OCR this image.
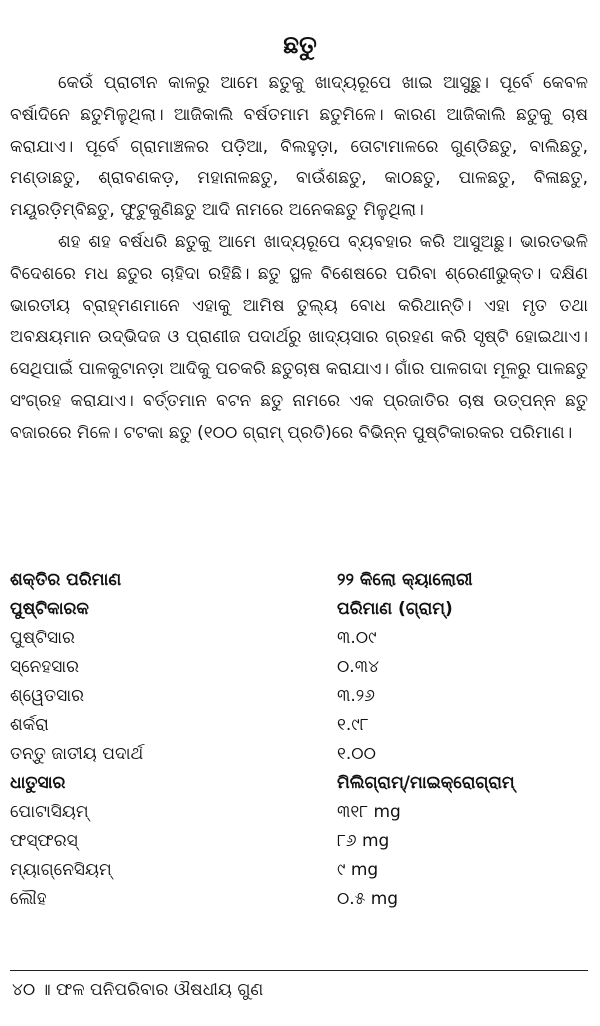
ଛତୁ

କେଉଁ ପ୍ରାଚୀନ କାଳରୁ ଆମେ ଛତୁକୁ ଖାଦ୍ୟରୂପେ ଖାଇ ଆସୁଛୁ। ପୂର୍ବେ କେବଳ ବର୍ଷାଦିନେ ଛତୁମିଳୁଥିଲା। ଆଜିକାଲି ବର୍ଷତମାମ ଛତୁମିଳେ। କାରଣ ଆଜିକାଲି ଛତୁକୁ ଚାଷ କରାଯାଏ। ପୂର୍ବେ ଗ୍ରାମାଞ୍ଚଳର ପଡ଼ିଆ, ବିଲହୁଡ଼ା, ତୋଟାମାଳରେ ଗୁଣ୍ଡିଛତୁ, ବାଲିଛତୁ, ମଣ୍ଡାଛତୁ, ଶ୍ରାବଣକଡ଼, ମହାନାଳଛତୁ, ବାଉଁଶଛତୁ, କାଠଛତୁ, ପାଳଛତୁ, ବିଳାଛତୁ, ମୟୂରଡ଼ିମ୍ବିଛତୁ, ଫୁଟୁକୁଣିଛତୁ ଆଦି ନାମରେ ଅନେକଛତୁ ମିଳୁଥିଲା।

ଶହ ଶହ ବର୍ଷଧରି ଛତୁକୁ ଆମେ ଖାଦ୍ୟରୂପେ ବ୍ୟବହାର କରି ଆସୁଅଛୁ। ଭାରତଭଳି ବିଦେଶରେ ମଧ ଛତୁର ଚାହିଦା ରହିଛି। ଛତୁ ସ୍ଥଳ ବିଶେଷରେ ପରିବା ଶ୍ରେଣୀଭୁକ୍ତ। ଦକ୍ଷିଣ ଭାରତୀୟ ବ୍ରାହ୍ମଣମାନେ ଏହାକୁ ଆମିଷ ତୁଲ୍ୟ ବୋଧ କରିଥାନ୍ତି। ଏହା ମୃତ ତଥା ଅବକ୍ଷୟମାନ ଉଦ୍ଭିଦଜ ଓ ପ୍ରାଣୀଜ ପଦାର୍ଥରୁ ଖାଦ୍ୟସାର ଗ୍ରହଣ କରି ସୃଷ୍ଟି ହୋଇଥାଏ। ସେଥିପାଇଁ ପାଳକୁଟାନଡ଼ା ଆଦିକୁ ପଚକରି ଛତୁଚାଷ କରାଯାଏ। ଗାଁର ପାଳଗଦା ମୂଳରୁ ପାଳଛତୁ ସଂଗ୍ରହ କରାଯାଏ। ବର୍ତ୍ତମାନ ବଟନ ଛତୁ ନାମରେ ଏକ ପ୍ରଜାତିର ଚାଷ ଉତ୍ପନ୍ନ ଛତୁ ବଜାରରେ ମିଳେ। ଟଟକା ଛତୁ (୧୦୦ ଗ୍ରାମ୍ ପ୍ରତି)ରେ ବିଭିନ୍ନ ପୁଷ୍ଟିକାରକର ପରିମାଣ।

ଶକ୍ତିର ପରିମାଣ	୨୨ କିଲୋ କ୍ୟାଲୋରୀ
ପୁଷ୍ଟିକାରକ	ପରିମାଣ (ଗ୍ରାମ୍)
ପୁଷ୍ଟିସାର	୩.୦୯
ସ୍ନେହସାର	୦.୩୪
ଶ୍ୱେତସାର	୩.୨୬
ଶର୍କରା	୧.୯୮
ତନ୍ତୁ ଜାତୀୟ ପଦାର୍ଥ	୧.୦୦
ଧାତୁସାର	ମିଲିଗ୍ରାମ୍/ମାଇକ୍ରୋଗ୍ରାମ୍
ପୋଟାସିୟମ୍	୩୧୮ mg
ଫସ୍‌ଫରସ୍	୮୬ mg
ମ୍ୟାଗ୍ନେସିୟମ୍	୯ mg
ଲୌହ	୦.୫ mg
୪୦ ॥ ଫଳ ପନିପରିବାର ଔଷଧୀୟ ଗୁଣ
